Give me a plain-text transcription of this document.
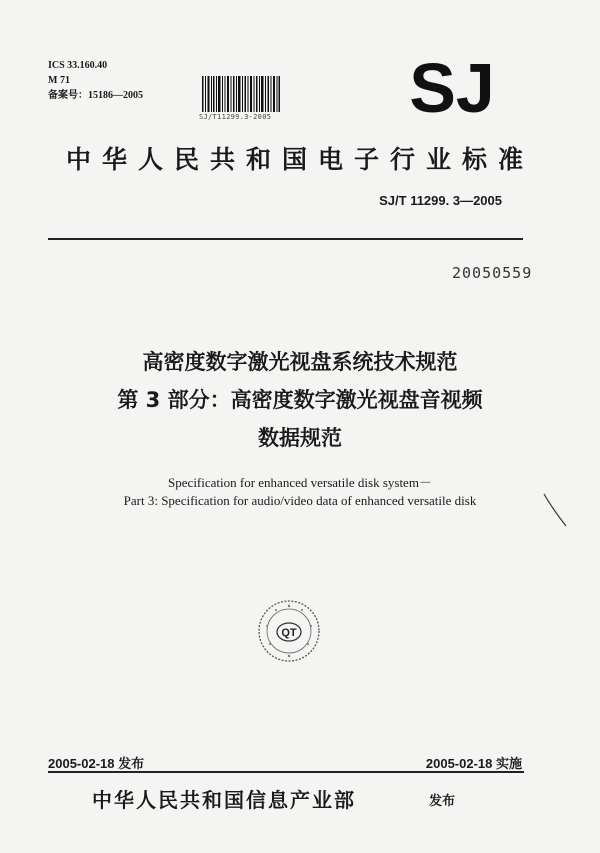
ICS 33.160.40
M 71
备案号：15186—2005
SJ/T11299.3-2005 SJ
中华人民共和国电子行业标准
SJ/T 11299. 3—2005
20050559
高密度数字激光视盘系统技术规范
第 3 部分：高密度数字激光视盘音视频
数据规范
Specification for enhanced versatile disk system－
Part 3: Specification for audio/video data of enhanced versatile disk
QT
2005-02-18 发布	2005-02-18 实施
中华人民共和国信息产业部	发布
